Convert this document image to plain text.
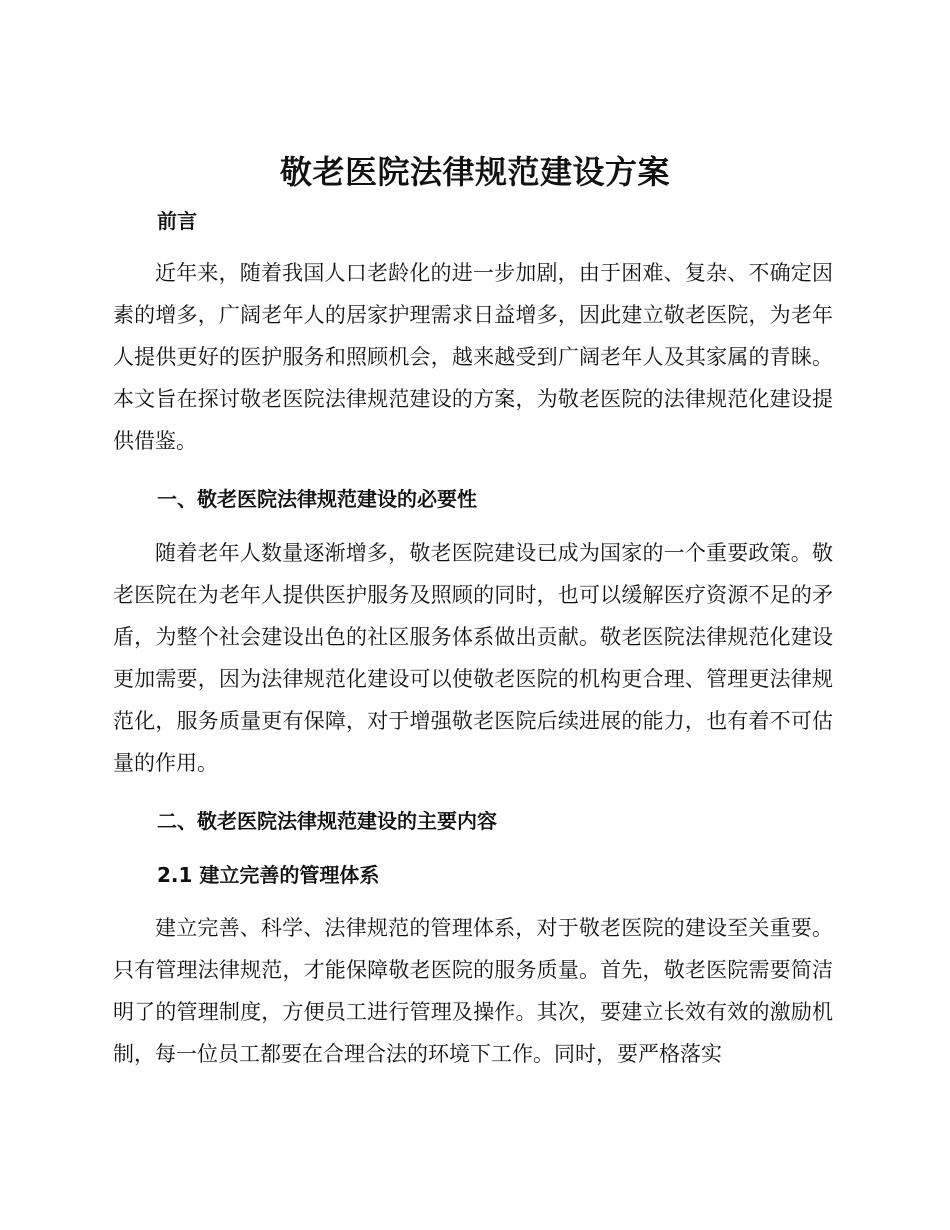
敬老医院法律规范建设方案
前言

近年来，随着我国人口老龄化的进一步加剧，由于困难、复杂、不确定因素的增多，广阔老年人的居家护理需求日益增多，因此建立敬老医院，为老年人提供更好的医护服务和照顾机会，越来越受到广阔老年人及其家属的青睐。本文旨在探讨敬老医院法律规范建设的方案，为敬老医院的法律规范化建设提供借鉴。

一、敬老医院法律规范建设的必要性

随着老年人数量逐渐增多，敬老医院建设已成为国家的一个重要政策。敬老医院在为老年人提供医护服务及照顾的同时，也可以缓解医疗资源不足的矛盾，为整个社会建设出色的社区服务体系做出贡献。敬老医院法律规范化建设更加需要，因为法律规范化建设可以使敬老医院的机构更合理、管理更法律规范化，服务质量更有保障，对于增强敬老医院后续进展的能力，也有着不可估量的作用。

二、敬老医院法律规范建设的主要内容
2.1 建立完善的管理体系

建立完善、科学、法律规范的管理体系，对于敬老医院的建设至关重要。只有管理法律规范，才能保障敬老医院的服务质量。首先，敬老医院需要简洁明了的管理制度，方便员工进行管理及操作。其次，要建立长效有效的激励机制，每一位员工都要在合理合法的环境下工作。同时，要严格落实
